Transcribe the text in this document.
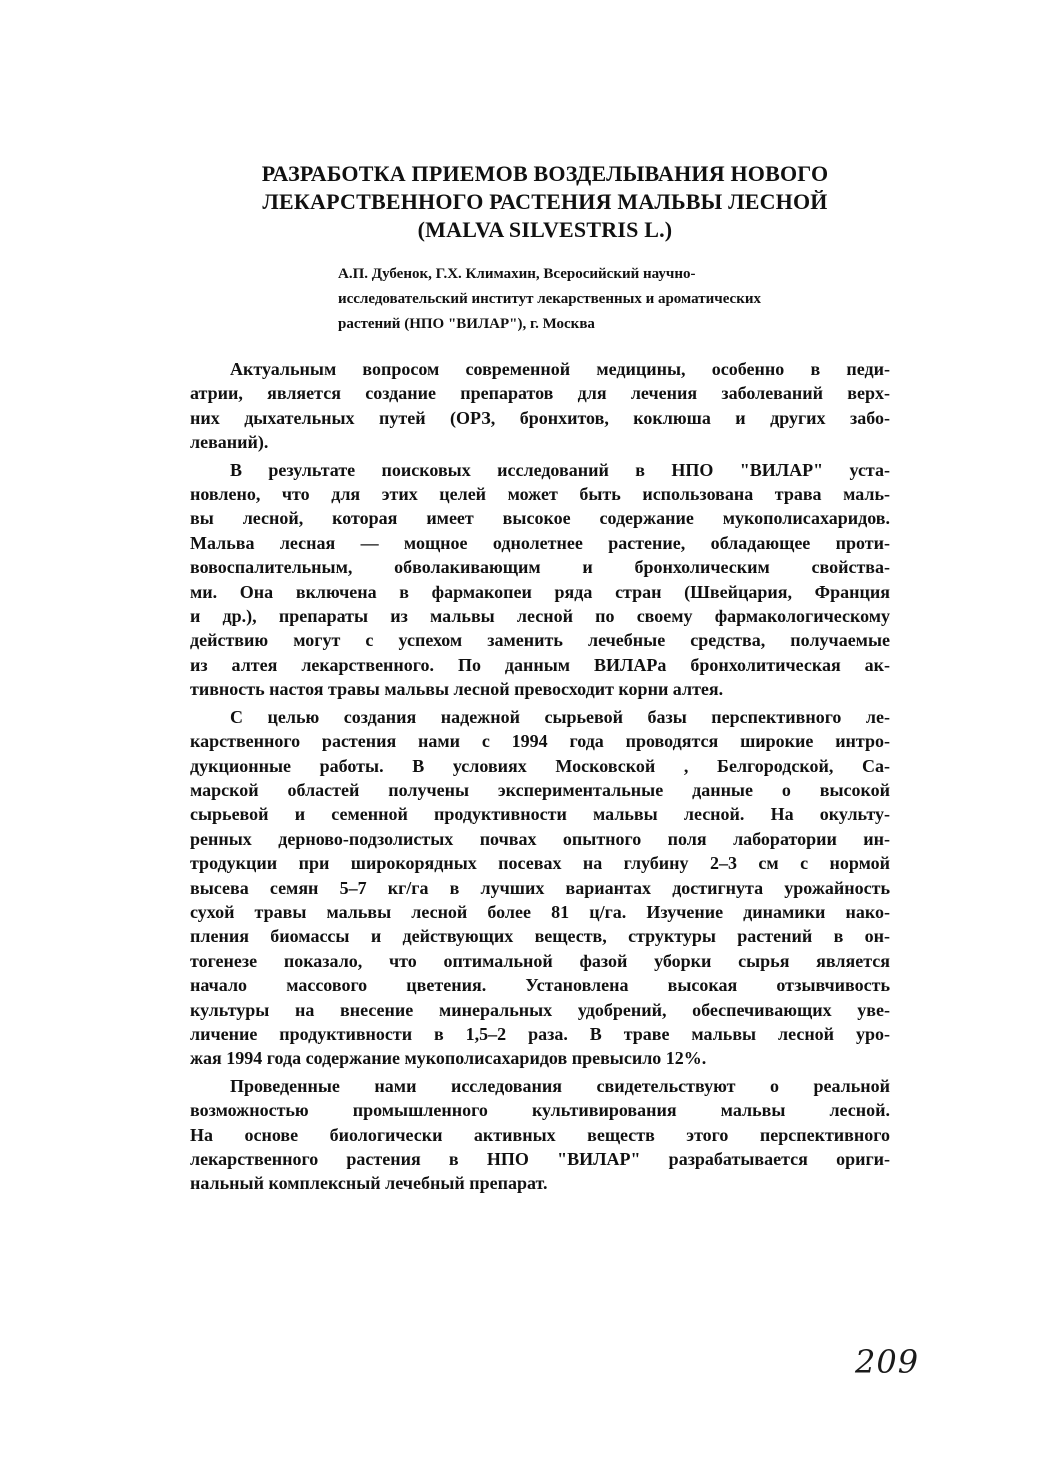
РАЗРАБОТКА ПРИЕМОВ ВОЗДЕЛЫВАНИЯ НОВОГО
ЛЕКАРСТВЕННОГО РАСТЕНИЯ МАЛЬВЫ ЛЕСНОЙ
(MALVA SILVESTRIS L.)
А.П. Дубенок, Г.Х. Климахин, Всеросийский научно-
исследовательский институт лекарственных и ароматических
растений (НПО "ВИЛАР"), г. Москва
Актуальным вопросом современной медицины, особенно в педи-
атрии, является создание препаратов для лечения заболеваний верх-
них дыхательных путей (ОРЗ, бронхитов, коклюша и других забо-
леваний).
В результате поисковых исследований в НПО "ВИЛАР" уста-
новлено, что для этих целей может быть использована трава маль-
вы лесной, которая имеет высокое содержание мукополисахаридов.
Мальва лесная — мощное однолетнее растение, обладающее проти-
вовоспалительным, обволакивающим и бронхолическим свойства-
ми. Она включена в фармакопеи ряда стран (Швейцария, Франция
и др.), препараты из мальвы лесной по своему фармакологическому
действию могут с успехом заменить лечебные средства, получаемые
из алтея лекарственного. По данным ВИЛАРа бронхолитическая ак-
тивность настоя травы мальвы лесной превосходит корни алтея.
С целью создания надежной сырьевой базы перспективного ле-
карственного растения нами с 1994 года проводятся широкие интро-
дукционные работы. В условиях Московской , Белгородской, Са-
марской областей получены экспериментальные данные о высокой
сырьевой и семенной продуктивности мальвы лесной. На окульту-
ренных дерново-подзолистых почвах опытного поля лаборатории ин-
тродукции при широкорядных посевах на глубину 2–3 см с нормой
высева семян 5–7 кг/га в лучших вариантах достигнута урожайность
сухой травы мальвы лесной более 81 ц/га. Изучение динамики нако-
пления биомассы и действующих веществ, структуры растений в он-
тогенезе показало, что оптимальной фазой уборки сырья является
начало массового цветения. Установлена высокая отзывчивость
культуры на внесение минеральных удобрений, обеспечивающих уве-
личение продуктивности в 1,5–2 раза. В траве мальвы лесной уро-
жая 1994 года содержание мукополисахаридов превысило 12%.
Проведенные нами исследования свидетельствуют о реальной
возможностью промышленного культивирования мальвы лесной.
На основе биологически активных веществ этого перспективного
лекарственного растения в НПО "ВИЛАР" разрабатывается ориги-
нальный комплексный лечебный препарат.
209
